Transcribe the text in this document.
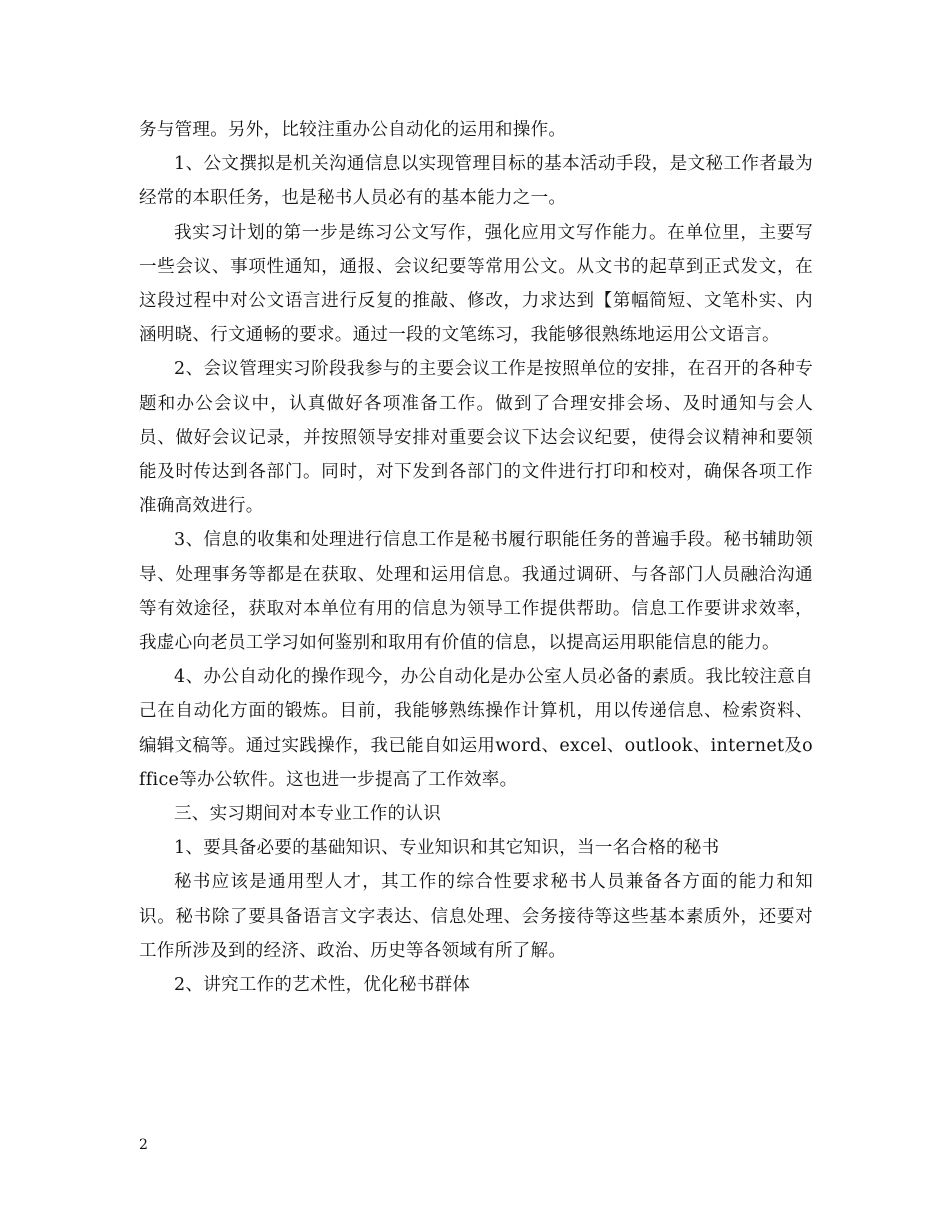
务与管理。另外，比较注重办公自动化的运用和操作。

1、公文撰拟是机关沟通信息以实现管理目标的基本活动手段，是文秘工作者最为经常的本职任务，也是秘书人员必有的基本能力之一。

我实习计划的第一步是练习公文写作，强化应用文写作能力。在单位里，主要写一些会议、事项性通知，通报、会议纪要等常用公文。从文书的起草到正式发文，在这段过程中对公文语言进行反复的推敲、修改，力求达到【第幅简短、文笔朴实、内涵明晓、行文通畅的要求。通过一段的文笔练习，我能够很熟练地运用公文语言。

2、会议管理实习阶段我参与的主要会议工作是按照单位的安排，在召开的各种专题和办公会议中，认真做好各项准备工作。做到了合理安排会场、及时通知与会人员、做好会议记录，并按照领导安排对重要会议下达会议纪要，使得会议精神和要领能及时传达到各部门。同时，对下发到各部门的文件进行打印和校对，确保各项工作准确高效进行。

3、信息的收集和处理进行信息工作是秘书履行职能任务的普遍手段。秘书辅助领导、处理事务等都是在获取、处理和运用信息。我通过调研、与各部门人员融洽沟通等有效途径，获取对本单位有用的信息为领导工作提供帮助。信息工作要讲求效率，我虚心向老员工学习如何鉴别和取用有价值的信息，以提高运用职能信息的能力。

4、办公自动化的操作现今，办公自动化是办公室人员必备的素质。我比较注意自己在自动化方面的锻炼。目前，我能够熟练操作计算机，用以传递信息、检索资料、编辑文稿等。通过实践操作，我已能自如运用word、excel、outlook、internet及office等办公软件。这也进一步提高了工作效率。

三、实习期间对本专业工作的认识

1、要具备必要的基础知识、专业知识和其它知识，当一名合格的秘书

秘书应该是通用型人才，其工作的综合性要求秘书人员兼备各方面的能力和知识。秘书除了要具备语言文字表达、信息处理、会务接待等这些基本素质外，还要对工作所涉及到的经济、政治、历史等各领域有所了解。

2、讲究工作的艺术性，优化秘书群体

2
